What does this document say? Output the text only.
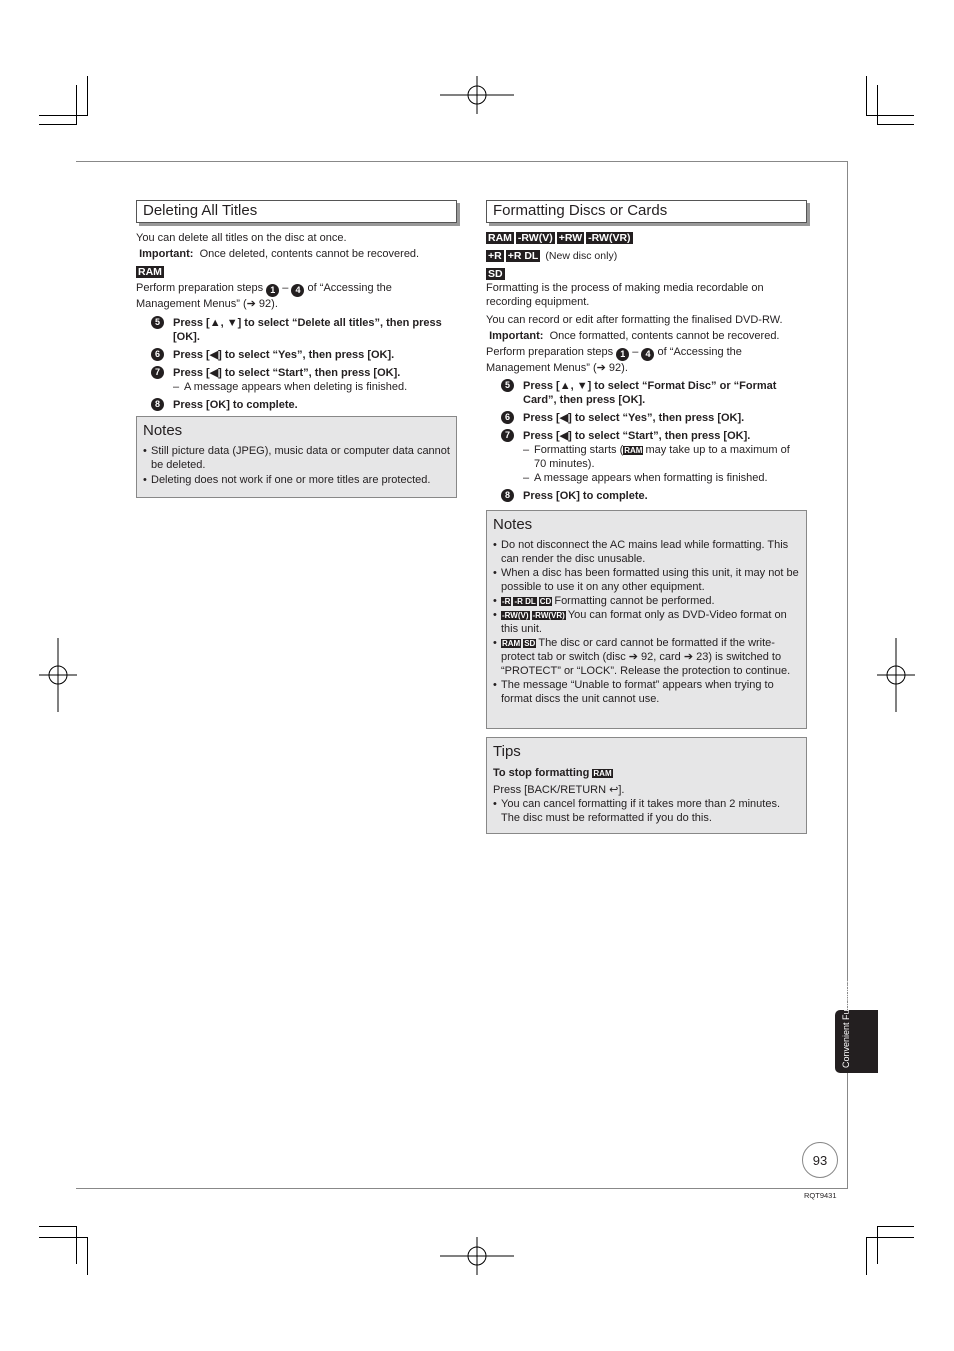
Deleting All Titles

You can delete all titles on the disc at once.

Important: Once deleted, contents cannot be recovered.

RAM

Perform preparation steps 1 – 4 of “Accessing the
Management Menus” (➔ 92).

5	Press [▲, ▼] to select “Delete all titles”, then press [OK].
6	Press [◀] to select “Yes”, then press [OK].
7	Press [◀] to select “Start”, then press [OK].
– A message appears when deleting is finished.
8	Press [OK] to complete.
Notes
• Still picture data (JPEG), music data or computer data cannot be deleted.
• Deleting does not work if one or more titles are protected.
Formatting Discs or Cards

RAM -RW(V) +RW -RW(VR)

+R +R DL (New disc only)

SD

Formatting is the process of making media recordable on recording equipment.

You can record or edit after formatting the finalised DVD-RW.

Important: Once formatted, contents cannot be recovered.

Perform preparation steps 1 – 4 of “Accessing the
Management Menus” (➔ 92).

5	Press [▲, ▼] to select “Format Disc” or “Format Card”, then press [OK].
6	Press [◀] to select “Yes”, then press [OK].
7	Press [◀] to select “Start”, then press [OK].
– Formatting starts (RAM may take up to a maximum of 70 minutes).
– A message appears when formatting is finished.
8	Press [OK] to complete.
Notes
• Do not disconnect the AC mains lead while formatting. This can render the disc unusable.
• When a disc has been formatted using this unit, it may not be possible to use it on any other equipment.
• -R -R DL CD Formatting cannot be performed.
• -RW(V) -RW(VR) You can format only as DVD-Video format on this unit.
• RAM SD The disc or card cannot be formatted if the write-protect tab or switch (disc ➔ 92, card ➔ 23) is switched to “PROTECT” or “LOCK”. Release the protection to continue.
• The message “Unable to format” appears when trying to format discs the unit cannot use.
Tips

To stop formatting RAM

Press [BACK/RETURN ↩].

• You can cancel formatting if it takes more than 2 minutes. The disc must be reformatted if you do this.
Convenient Functions
93
RQT9431
